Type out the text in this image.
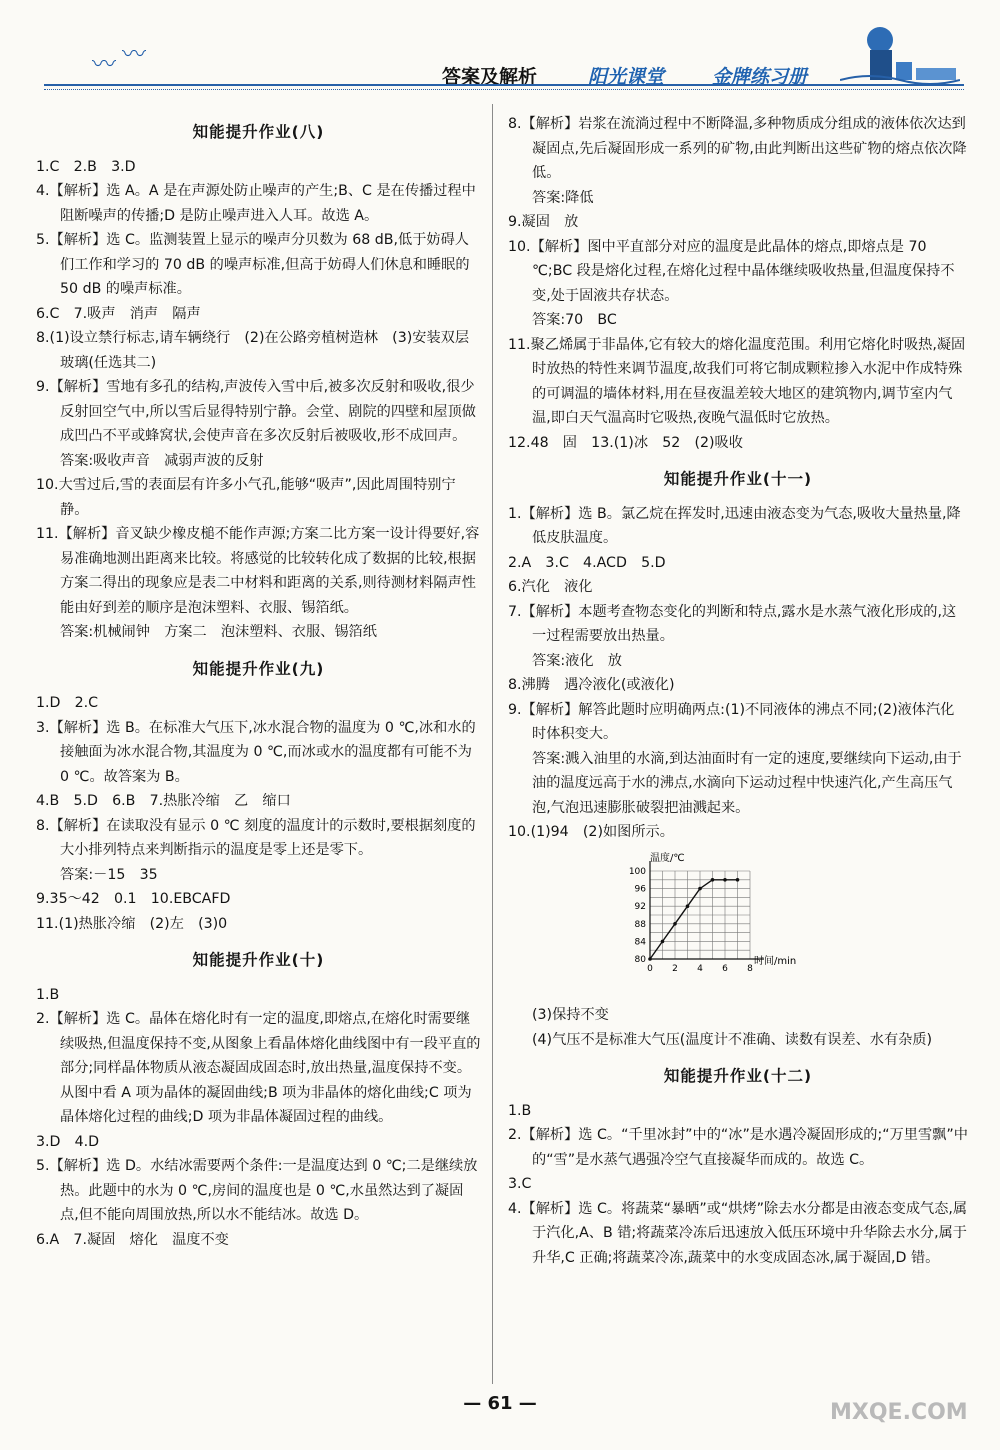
〰 〰
答案及解析	阳光课堂	金牌练习册
知能提升作业(八)
1.C　2.B　3.D
4.【解析】选 A。A 是在声源处防止噪声的产生;B、C 是在传播过程中阻断噪声的传播;D 是防止噪声进入人耳。故选 A。
5.【解析】选 C。监测装置上显示的噪声分贝数为 68 dB,低于妨碍人们工作和学习的 70 dB 的噪声标准,但高于妨碍人们休息和睡眠的 50 dB 的噪声标准。
6.C　7.吸声　消声　隔声
8.(1)设立禁行标志,请车辆绕行　(2)在公路旁植树造林　(3)安装双层玻璃(任选其二)
9.【解析】雪地有多孔的结构,声波传入雪中后,被多次反射和吸收,很少反射回空气中,所以雪后显得特别宁静。会堂、剧院的四壁和屋顶做成凹凸不平或蜂窝状,会使声音在多次反射后被吸收,形不成回声。
答案:吸收声音　减弱声波的反射
10.大雪过后,雪的表面层有许多小气孔,能够“吸声”,因此周围特别宁静。
11.【解析】音叉缺少橡皮槌不能作声源;方案二比方案一设计得要好,容易准确地测出距离来比较。将感觉的比较转化成了数据的比较,根据方案二得出的现象应是表二中材料和距离的关系,则待测材料隔声性能由好到差的顺序是泡沫塑料、衣服、锡箔纸。
答案:机械闹钟　方案二　泡沫塑料、衣服、锡箔纸
知能提升作业(九)
1.D　2.C
3.【解析】选 B。在标准大气压下,冰水混合物的温度为 0 ℃,冰和水的接触面为冰水混合物,其温度为 0 ℃,而冰或水的温度都有可能不为 0 ℃。故答案为 B。
4.B　5.D　6.B　7.热胀冷缩　乙　缩口
8.【解析】在读取没有显示 0 ℃ 刻度的温度计的示数时,要根据刻度的大小排列特点来判断指示的温度是零上还是零下。
答案:－15　35
9.35～42　0.1　10.EBCAFD
11.(1)热胀冷缩　(2)左　(3)0
知能提升作业(十)
1.B
2.【解析】选 C。晶体在熔化时有一定的温度,即熔点,在熔化时需要继续吸热,但温度保持不变,从图象上看晶体熔化曲线图中有一段平直的部分;同样晶体物质从液态凝固成固态时,放出热量,温度保持不变。从图中看 A 项为晶体的凝固曲线;B 项为非晶体的熔化曲线;C 项为晶体熔化过程的曲线;D 项为非晶体凝固过程的曲线。
3.D　4.D
5.【解析】选 D。水结冰需要两个条件:一是温度达到 0 ℃;二是继续放热。此题中的水为 0 ℃,房间的温度也是 0 ℃,水虽然达到了凝固点,但不能向周围放热,所以水不能结冰。故选 D。
6.A　7.凝固　熔化　温度不变
8.【解析】岩浆在流淌过程中不断降温,多种物质成分组成的液体依次达到凝固点,先后凝固形成一系列的矿物,由此判断出这些矿物的熔点依次降低。
答案:降低
9.凝固　放
10.【解析】图中平直部分对应的温度是此晶体的熔点,即熔点是 70 ℃;BC 段是熔化过程,在熔化过程中晶体继续吸收热量,但温度保持不变,处于固液共存状态。
答案:70　BC
11.聚乙烯属于非晶体,它有较大的熔化温度范围。利用它熔化时吸热,凝固时放热的特性来调节温度,故我们可将它制成颗粒掺入水泥中作成特殊的可调温的墙体材料,用在昼夜温差较大地区的建筑物内,调节室内气温,即白天气温高时它吸热,夜晚气温低时它放热。
12.48　固　13.(1)冰　52　(2)吸收
知能提升作业(十一)
1.【解析】选 B。氯乙烷在挥发时,迅速由液态变为气态,吸收大量热量,降低皮肤温度。
2.A　3.C　4.ACD　5.D
6.汽化　液化
7.【解析】本题考查物态变化的判断和特点,露水是水蒸气液化形成的,这一过程需要放出热量。
答案:液化　放
8.沸腾　遇冷液化(或液化)
9.【解析】解答此题时应明确两点:(1)不同液体的沸点不同;(2)液体汽化时体积变大。
答案:溅入油里的水滴,到达油面时有一定的速度,要继续向下运动,由于油的温度远高于水的沸点,水滴向下运动过程中快速汽化,产生高压气泡,气泡迅速膨胀破裂把油溅起来。
10.(1)94　(2)如图所示。
温度/℃
时间/min
80
84
88
92
96
100
0 2 4 6 8
(3)保持不变
(4)气压不是标准大气压(温度计不准确、读数有误差、水有杂质)
知能提升作业(十二)
1.B
2.【解析】选 C。“千里冰封”中的“冰”是水遇冷凝固形成的;“万里雪飘”中的“雪”是水蒸气遇强冷空气直接凝华而成的。故选 C。
3.C
4.【解析】选 C。将蔬菜“暴晒”或“烘烤”除去水分都是由液态变成气态,属于汽化,A、B 错;将蔬菜冷冻后迅速放入低压环境中升华除去水分,属于升华,C 正确;将蔬菜冷冻,蔬菜中的水变成固态冰,属于凝固,D 错。
— 61 —	MXQE.COM
